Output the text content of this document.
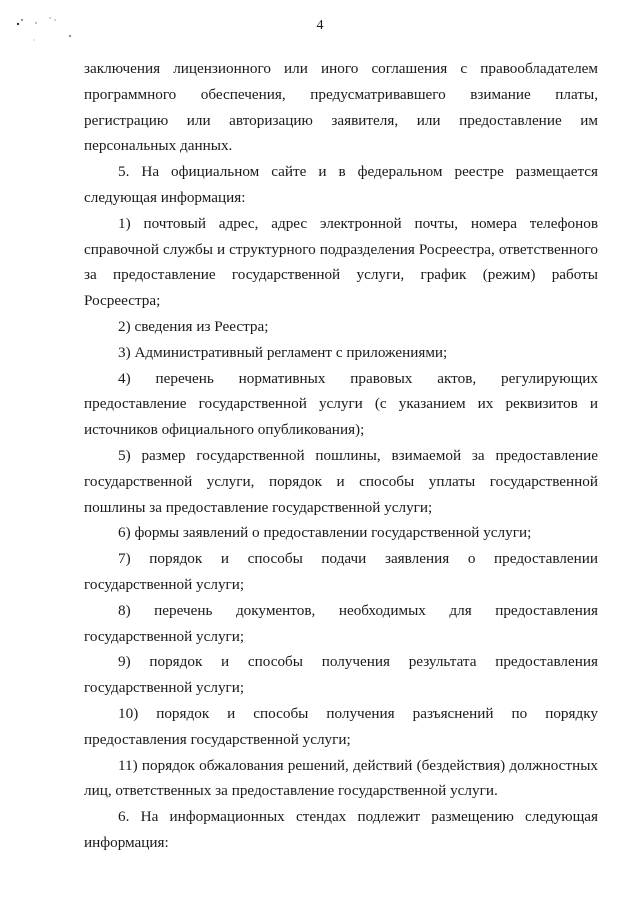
4

заключения лицензионного или иного соглашения с правообладателем программного обеспечения, предусматривавшего взимание платы, регистрацию или авторизацию заявителя, или предоставление им персональных данных.

5. На официальном сайте и в федеральном реестре размещается следующая информация:

1) почтовый адрес, адрес электронной почты, номера телефонов справочной службы и структурного подразделения Росреестра, ответственного за предоставление государственной услуги, график (режим) работы Росреестра;

2) сведения из Реестра;

3) Административный регламент с приложениями;

4) перечень нормативных правовых актов, регулирующих предоставление государственной услуги (с указанием их реквизитов и источников официального опубликования);

5) размер государственной пошлины, взимаемой за предоставление государственной услуги, порядок и способы уплаты государственной пошлины за предоставление государственной услуги;

6) формы заявлений о предоставлении государственной услуги;

7) порядок и способы подачи заявления о предоставлении государственной услуги;

8) перечень документов, необходимых для предоставления государственной услуги;

9) порядок и способы получения результата предоставления государственной услуги;

10) порядок и способы получения разъяснений по порядку предоставления государственной услуги;

11) порядок обжалования решений, действий (бездействия) должностных лиц, ответственных за предоставление государственной услуги.

6. На информационных стендах подлежит размещению следующая информация:
